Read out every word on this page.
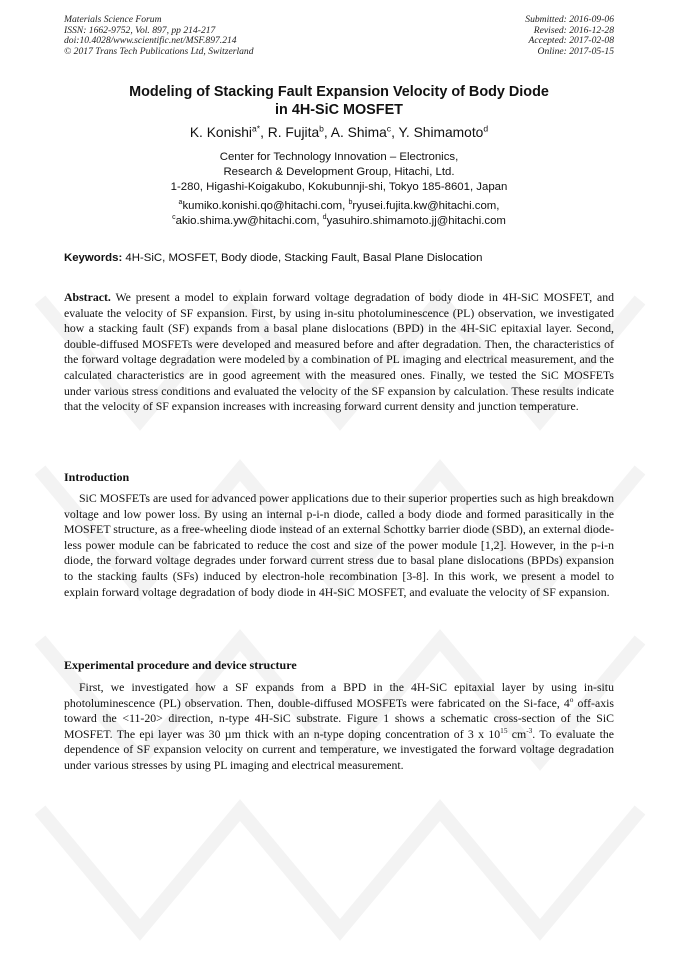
Materials Science Forum
ISSN: 1662-9752, Vol. 897, pp 214-217
doi:10.4028/www.scientific.net/MSF.897.214
© 2017 Trans Tech Publications Ltd, Switzerland
Submitted: 2016-09-06
Revised: 2016-12-28
Accepted: 2017-02-08
Online: 2017-05-15
Modeling of Stacking Fault Expansion Velocity of Body Diode
in 4H-SiC MOSFET
K. Konishi$^{a*}$, R. Fujita$^b$, A. Shima$^c$, Y. Shimamoto$^d$
Center for Technology Innovation – Electronics,
Research & Development Group, Hitachi, Ltd.
1-280, Higashi-Koigakubo, Kokubunnji-shi, Tokyo 185-8601, Japan
$^a$kumiko.konishi.qo@hitachi.com, $^b$ryusei.fujita.kw@hitachi.com,
$^c$akio.shima.yw@hitachi.com, $^d$yasuhiro.shimamoto.jj@hitachi.com
Keywords: 4H-SiC, MOSFET, Body diode, Stacking Fault, Basal Plane Dislocation
Abstract. We present a model to explain forward voltage degradation of body diode in 4H-SiC MOSFET, and evaluate the velocity of SF expansion. First, by using in-situ photoluminescence (PL) observation, we investigated how a stacking fault (SF) expands from a basal plane dislocations (BPD) in the 4H-SiC epitaxial layer. Second, double-diffused MOSFETs were developed and measured before and after degradation. Then, the characteristics of the forward voltage degradation were modeled by a combination of PL imaging and electrical measurement, and the calculated characteristics are in good agreement with the measured ones. Finally, we tested the SiC MOSFETs under various stress conditions and evaluated the velocity of the SF expansion by calculation. These results indicate that the velocity of SF expansion increases with increasing forward current density and junction temperature.
Introduction
SiC MOSFETs are used for advanced power applications due to their superior properties such as high breakdown voltage and low power loss. By using an internal p-i-n diode, called a body diode and formed parasitically in the MOSFET structure, as a free-wheeling diode instead of an external Schottky barrier diode (SBD), an external diode-less power module can be fabricated to reduce the cost and size of the power module [1,2]. However, in the p-i-n diode, the forward voltage degrades under forward current stress due to basal plane dislocations (BPDs) expansion to the stacking faults (SFs) induced by electron-hole recombination [3-8]. In this work, we present a model to explain forward voltage degradation of body diode in 4H-SiC MOSFET, and evaluate the velocity of SF expansion.
Experimental procedure and device structure
First, we investigated how a SF expands from a BPD in the 4H-SiC epitaxial layer by using in-situ photoluminescence (PL) observation. Then, double-diffused MOSFETs were fabricated on the Si-face, 4$^o$ off-axis toward the <11-20> direction, n-type 4H-SiC substrate. Figure 1 shows a schematic cross-section of the SiC MOSFET. The epi layer was 30 µm thick with an n-type doping concentration of 3 x $10^{15}$ $cm^{-3}$. To evaluate the dependence of SF expansion velocity on current and temperature, we investigated the forward voltage degradation under various stresses by using PL imaging and electrical measurement.
